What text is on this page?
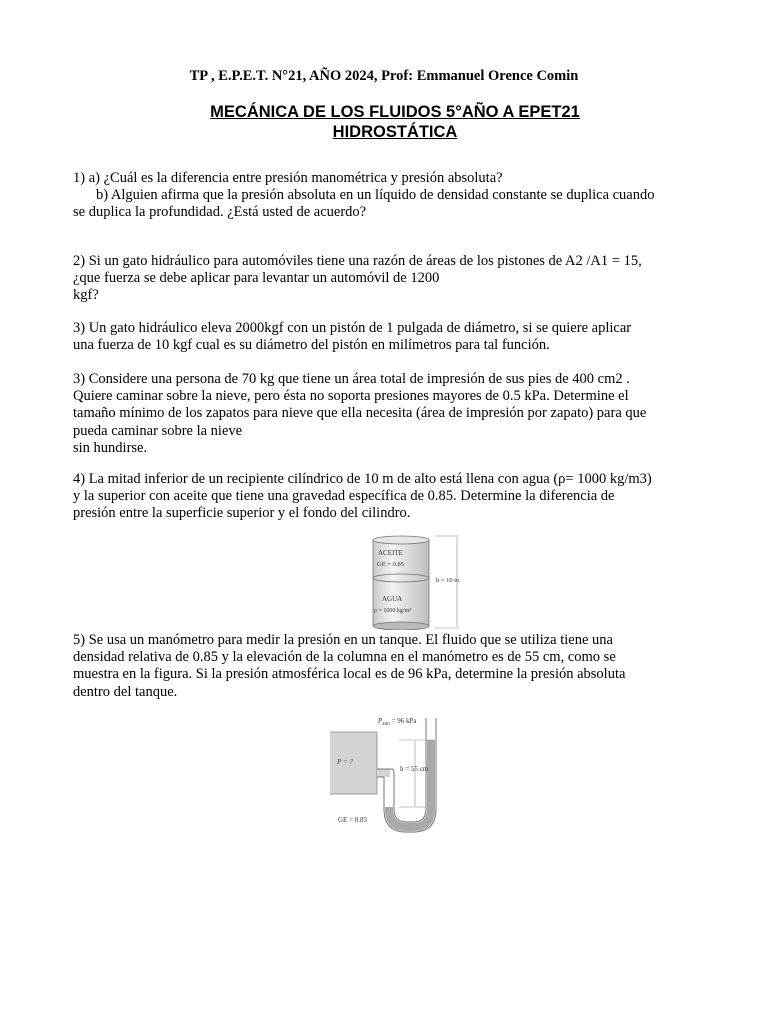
TP , E.P.E.T. N°21, AÑO 2024, Prof: Emmanuel Orence Comin
MECÁNICA DE LOS FLUIDOS 5°AÑO A EPET21
HIDROSTÁTICA
1) a) ¿Cuál es la diferencia entre presión manométrica y presión absoluta?
b) Alguien afirma que la presión absoluta en un líquido de densidad constante se duplica cuando
se duplica la profundidad. ¿Está usted de acuerdo?
2) Si un gato hidráulico para automóviles tiene una razón de áreas de los pistones de A2 /A1 = 15,
¿que fuerza se debe aplicar para levantar un automóvil de 1200
kgf?
3) Un gato hidráulico eleva 2000kgf con un pistón de 1 pulgada de diámetro, si se quiere aplicar
una fuerza de 10 kgf cual es su diámetro del pistón en milímetros para tal función.
3) Considere una persona de 70 kg que tiene un área total de impresión de sus pies de 400 cm2 .
Quiere caminar sobre la nieve, pero ésta no soporta presiones mayores de 0.5 kPa. Determine el
tamaño mínimo de los zapatos para nieve que ella necesita (área de impresión por zapato) para que
pueda caminar sobre la nieve
sin hundirse.
4) La mitad inferior de un recipiente cilíndrico de 10 m de alto está llena con agua (ρ= 1000 kg/m3)
y la superior con aceite que tiene una gravedad específica de 0.85. Determine la diferencia de
presión entre la superficie superior y el fondo del cilindro.
ACEITE
GE = 0.85
AGUA
ρ = 1000 kg/m³
h = 10 m
5) Se usa un manómetro para medir la presión en un tanque. El fluido que se utiliza tiene una
densidad relativa de 0.85 y la elevación de la columna en el manómetro es de 55 cm, como se
muestra en la figura. Si la presión atmosférica local es de 96 kPa, determine la presión absoluta
dentro del tanque.
P = ?
h = 55 cm
$P_{atm} = 96$ kPa
GE = 0.85
